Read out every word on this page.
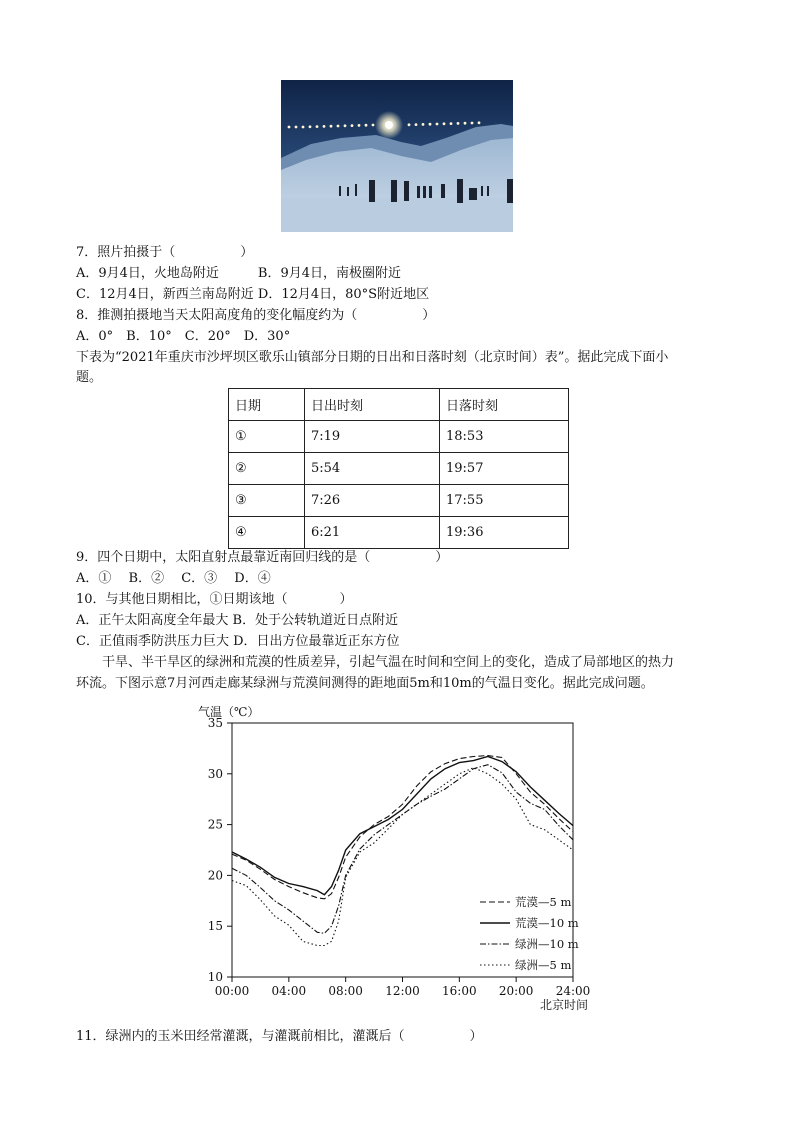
7．照片拍摄于（　　　　　）
A．9月4日，火地岛附近　　　B．9月4日，南极圈附近
C．12月4日，新西兰南岛附近 D．12月4日，80°S附近地区
8．推测拍摄地当天太阳高度角的变化幅度约为（　　　　　）
A．0°　B．10°　C．20°　D．30°
下表为“2021年重庆市沙坪坝区歌乐山镇部分日期的日出和日落时刻（北京时间）表”。据此完成下面小
题。
日期	日出时刻	日落时刻
①	7:19	18:53
②	5:54	19:57
③	7:26	17:55
④	6:21	19:36
9．四个日期中，太阳直射点最靠近南回归线的是（　　　　　）
A．①　 B．②　 C．③　 D．④
10．与其他日期相比，①日期该地（　　　　）
A．正午太阳高度全年最大 B．处于公转轨道近日点附近
C．正值雨季防洪压力巨大 D．日出方位最靠近正东方位
　　干旱、半干旱区的绿洲和荒漠的性质差异，引起气温在时间和空间上的变化，造成了局部地区的热力
环流。下图示意7月河西走廊某绿洲与荒漠间测得的距地面5m和10m的气温日变化。据此完成问题。
气温（℃）
北京时间
10
15
20
25
30
35
00:00 04:00 08:00 12:00 16:00 20:00 24:00
荒漠—5 m
荒漠—10 m
绿洲—10 m
绿洲—5 m
11．绿洲内的玉米田经常灌溉，与灌溉前相比，灌溉后（　　　　　）
